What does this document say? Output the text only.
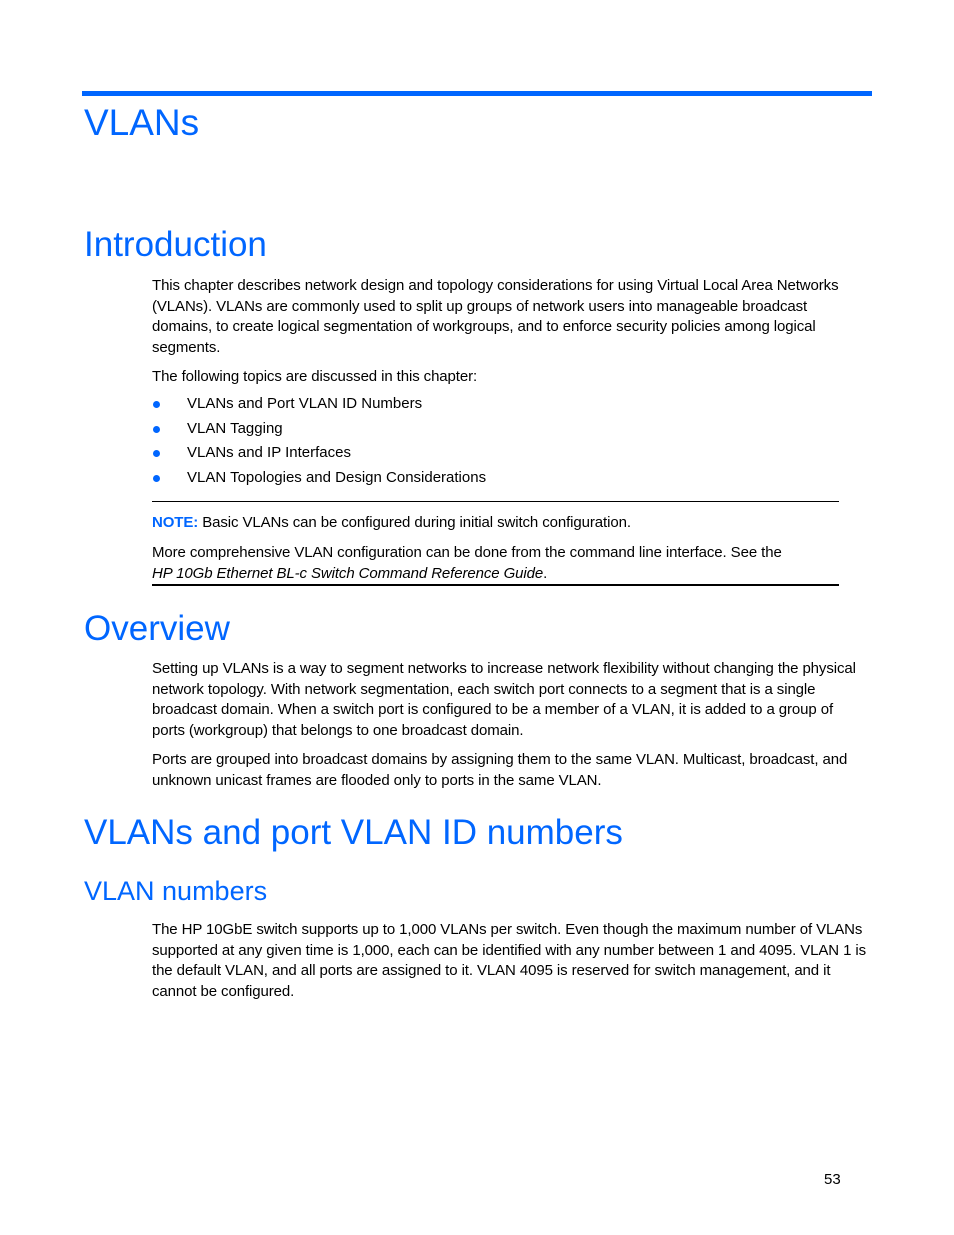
VLANs
Introduction

This chapter describes network design and topology considerations for using Virtual Local Area Networks (VLANs). VLANs are commonly used to split up groups of network users into manageable broadcast domains, to create logical segmentation of workgroups, and to enforce security policies among logical segments.

The following topics are discussed in this chapter:

VLANs and Port VLAN ID Numbers
VLAN Tagging
VLANs and IP Interfaces
VLAN Topologies and Design Considerations

NOTE: Basic VLANs can be configured during initial switch configuration.

More comprehensive VLAN configuration can be done from the command line interface. See the
HP 10Gb Ethernet BL-c Switch Command Reference Guide.

Overview

Setting up VLANs is a way to segment networks to increase network flexibility without changing the physical network topology. With network segmentation, each switch port connects to a segment that is a single broadcast domain. When a switch port is configured to be a member of a VLAN, it is added to a group of ports (workgroup) that belongs to one broadcast domain.

Ports are grouped into broadcast domains by assigning them to the same VLAN. Multicast, broadcast, and unknown unicast frames are flooded only to ports in the same VLAN.

VLANs and port VLAN ID numbers
VLAN numbers

The HP 10GbE switch supports up to 1,000 VLANs per switch. Even though the maximum number of VLANs supported at any given time is 1,000, each can be identified with any number between 1 and 4095. VLAN 1 is the default VLAN, and all ports are assigned to it. VLAN 4095 is reserved for switch management, and it cannot be configured.

53
